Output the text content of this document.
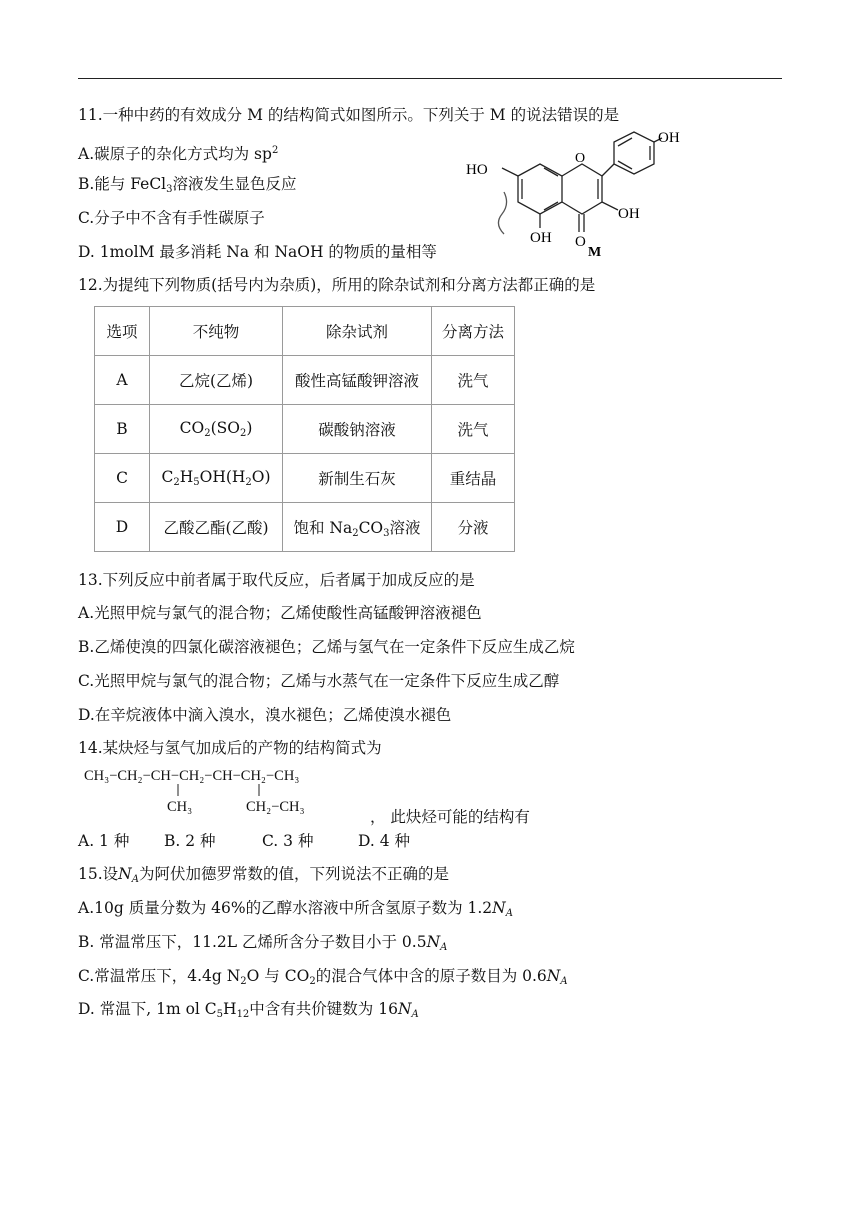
11.一种中药的有效成分 M 的结构简式如图所示。下列关于 M 的说法错误的是
A.碳原子的杂化方式均为 $sp^2$
B.能与 FeCl$_3$溶液发生显色反应
C.分子中不含有手性碳原子
D. 1molM 最多消耗 Na 和 NaOH 的物质的量相等
HO
O
OH
OH
O
OH
M
12.为提纯下列物质(括号内为杂质)，所用的除杂试剂和分离方法都正确的是
选项	不纯物	除杂试剂	分离方法
A	乙烷(乙烯)	酸性高锰酸钾溶液	洗气
B	$CO_2(SO_2)$	碳酸钠溶液	洗气
C	$C_2H_5OH(H_2O)$	新制生石灰	重结晶
D	乙酸乙酯(乙酸)	饱和 $Na_2CO_3$溶液	分液
13.下列反应中前者属于取代反应，后者属于加成反应的是
A.光照甲烷与氯气的混合物；乙烯使酸性高锰酸钾溶液褪色
B.乙烯使溴的四氯化碳溶液褪色；乙烯与氢气在一定条件下反应生成乙烷
C.光照甲烷与氯气的混合物；乙烯与水蒸气在一定条件下反应生成乙醇
D.在辛烷液体中滴入溴水，溴水褪色；乙烯使溴水褪色
14.某炔烃与氢气加成后的产物的结构简式为
CH₃−CH₂−CH−CH₂−CH−CH₂−CH₃
CH₃	CH₂−CH₃
， 此炔烃可能的结构有
A. 1 种 B. 2 种	C. 3 种	D. 4 种
15.设$N_A$为阿伏加德罗常数的值，下列说法不正确的是
A.10g 质量分数为 46%的乙醇水溶液中所含氢原子数为 $1.2N_A$
B. 常温常压下，11.2L 乙烯所含分子数目小于 $0.5N_A$
C.常温常压下，4.4g $N_2O$ 与 $CO_2$的混合气体中含的原子数目为 $0.6N_A$
D. 常温下, 1m ol $C_5H_{12}$中含有共价键数为 $16N_A$
